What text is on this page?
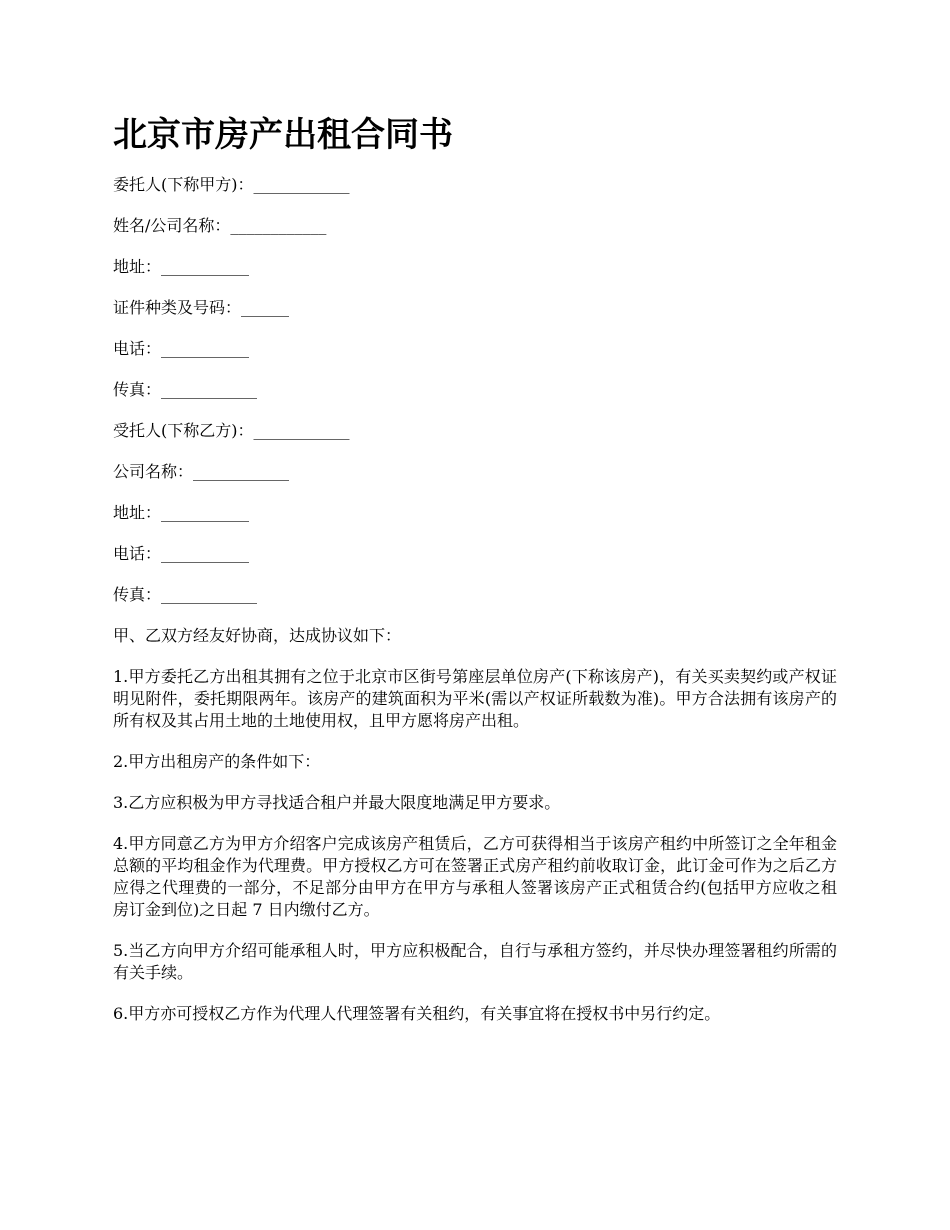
北京市房产出租合同书
委托人(下称甲方)：____________
姓名/公司名称：____________
地址：___________
证件种类及号码：______
电话：___________
传真：____________
受托人(下称乙方)：____________
公司名称：____________
地址：___________
电话：___________
传真：____________

甲、乙双方经友好协商，达成协议如下：

1.甲方委托乙方出租其拥有之位于北京市区街号第座层单位房产(下称该房产)，有关买卖契约或产权证明见附件，委托期限两年。该房产的建筑面积为平米(需以产权证所载数为准)。甲方合法拥有该房产的所有权及其占用土地的土地使用权，且甲方愿将房产出租。

2.甲方出租房产的条件如下：

3.乙方应积极为甲方寻找适合租户并最大限度地满足甲方要求。

4.甲方同意乙方为甲方介绍客户完成该房产租赁后，乙方可获得相当于该房产租约中所签订之全年租金总额的平均租金作为代理费。甲方授权乙方可在签署正式房产租约前收取订金，此订金可作为之后乙方应得之代理费的一部分，不足部分由甲方在甲方与承租人签署该房产正式租赁合约(包括甲方应收之租房订金到位)之日起 7 日内缴付乙方。

5.当乙方向甲方介绍可能承租人时，甲方应积极配合，自行与承租方签约，并尽快办理签署租约所需的有关手续。

6.甲方亦可授权乙方作为代理人代理签署有关租约，有关事宜将在授权书中另行约定。
